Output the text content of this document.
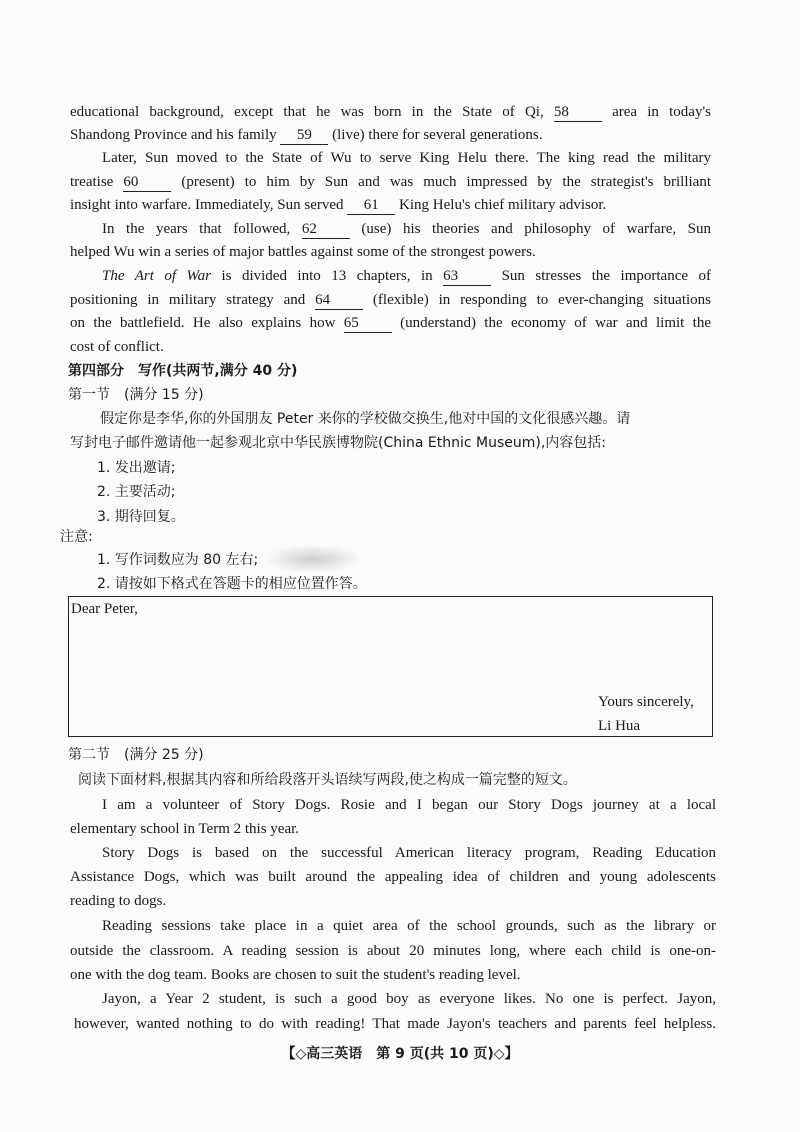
educational background, except that he was born in the State of Qi, 58 area in today's
Shandong Province and his family 59 (live) there for several generations.
Later, Sun moved to the State of Wu to serve King Helu there. The king read the military
treatise 60 (present) to him by Sun and was much impressed by the strategist's brilliant
insight into warfare. Immediately, Sun served 61 King Helu's chief military advisor.
In the years that followed, 62 (use) his theories and philosophy of warfare, Sun
helped Wu win a series of major battles against some of the strongest powers.
The Art of War is divided into 13 chapters, in 63 Sun stresses the importance of
positioning in military strategy and 64 (flexible) in responding to ever-changing situations
on the battlefield. He also explains how 65 (understand) the economy of war and limit the
cost of conflict.
第四部分　写作(共两节,满分 40 分)
第一节　(满分 15 分)
假定你是李华,你的外国朋友 Peter 来你的学校做交换生,他对中国的文化很感兴趣。请
写封电子邮件邀请他一起参观北京中华民族博物院(China Ethnic Museum),内容包括:
1. 发出邀请;
2. 主要活动;
3. 期待回复。
注意:
1. 写作词数应为 80 左右;
2. 请按如下格式在答题卡的相应位置作答。
Dear Peter,
Yours sincerely,
Li Hua
第二节　(满分 25 分)
阅读下面材料,根据其内容和所给段落开头语续写两段,使之构成一篇完整的短文。
I am a volunteer of Story Dogs. Rosie and I began our Story Dogs journey at a local
elementary school in Term 2 this year.
Story Dogs is based on the successful American literacy program, Reading Education
Assistance Dogs, which was built around the appealing idea of children and young adolescents
reading to dogs.
Reading sessions take place in a quiet area of the school grounds, such as the library or
outside the classroom. A reading session is about 20 minutes long, where each child is one-on-
one with the dog team. Books are chosen to suit the student's reading level.
Jayon, a Year 2 student, is such a good boy as everyone likes. No one is perfect. Jayon,
however, wanted nothing to do with reading! That made Jayon's teachers and parents feel helpless.
【◇高三英语　第 9 页(共 10 页)◇】
